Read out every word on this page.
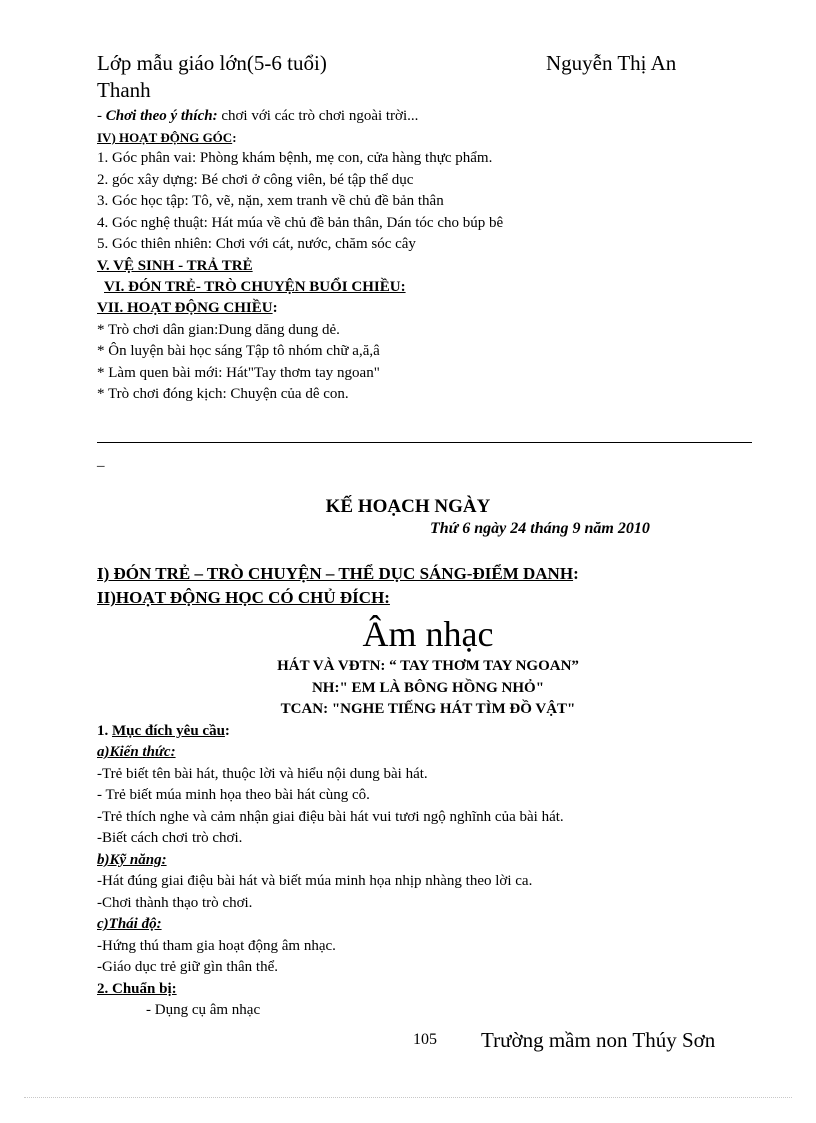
Lớp mẫu giáo lớn(5-6 tuổi)	Nguyễn Thị An
Thanh
- Chơi theo ý thích: chơi với các trò chơi ngoài trời...
IV) HOẠT ĐỘNG GÓC:
1. Góc phân vai: Phòng khám bệnh, mẹ con, cửa hàng thực phẩm.
2. góc xây dựng: Bé chơi ở công viên, bé tập thể dục
3. Góc học tập: Tô, vẽ, nặn, xem tranh về chủ đề bản thân
4. Góc nghệ thuật: Hát múa về chủ đề bản thân, Dán tóc cho búp bê
5. Góc thiên nhiên: Chơi với cát, nước, chăm sóc cây
V. VỆ SINH - TRẢ TRẺ
VI. ĐÓN TRẺ- TRÒ CHUYỆN BUỔI CHIỀU:
VII. HOẠT ĐỘNG CHIỀU:
* Trò chơi dân gian:Dung dăng dung dẻ.
* Ôn luyện bài học sáng Tập tô nhóm chữ a,ă,â
* Làm quen bài mới: Hát"Tay thơm tay ngoan"
* Trò chơi đóng kịch: Chuyện của dê con.
_
KẾ HOẠCH NGÀY
Thứ 6 ngày 24 tháng 9 năm 2010
I) ĐÓN TRẺ – TRÒ CHUYỆN – THỂ DỤC SÁNG-ĐIỂM DANH:
II)HOẠT ĐỘNG HỌC CÓ CHỦ ĐÍCH:
Âm nhạc
HÁT VÀ VĐTN: “ TAY THƠM TAY NGOAN”
NH:" EM LÀ BÔNG HỒNG NHỎ"
TCAN: "NGHE TIẾNG HÁT TÌM ĐỒ VẬT"
1. Mục đích yêu cầu:
a)Kiến thức:
-Trẻ biết tên bài hát, thuộc lời và hiểu nội dung bài hát.
- Trẻ biết múa minh họa theo bài hát cùng cô.
-Trẻ thích nghe và cảm nhận giai điệu bài hát vui tươi ngộ nghĩnh của bài hát.
-Biết cách chơi trò chơi.
b)Kỹ năng:
-Hát đúng giai điệu bài hát và biết múa minh họa nhịp nhàng theo lời ca.
-Chơi thành thạo trò chơi.
c)Thái độ:
-Hứng thú tham gia hoạt động âm nhạc.
-Giáo dục trẻ giữ gìn thân thể.
2. Chuẩn bị:
- Dụng cụ âm nhạc
105 Trường mầm non Thúy Sơn
